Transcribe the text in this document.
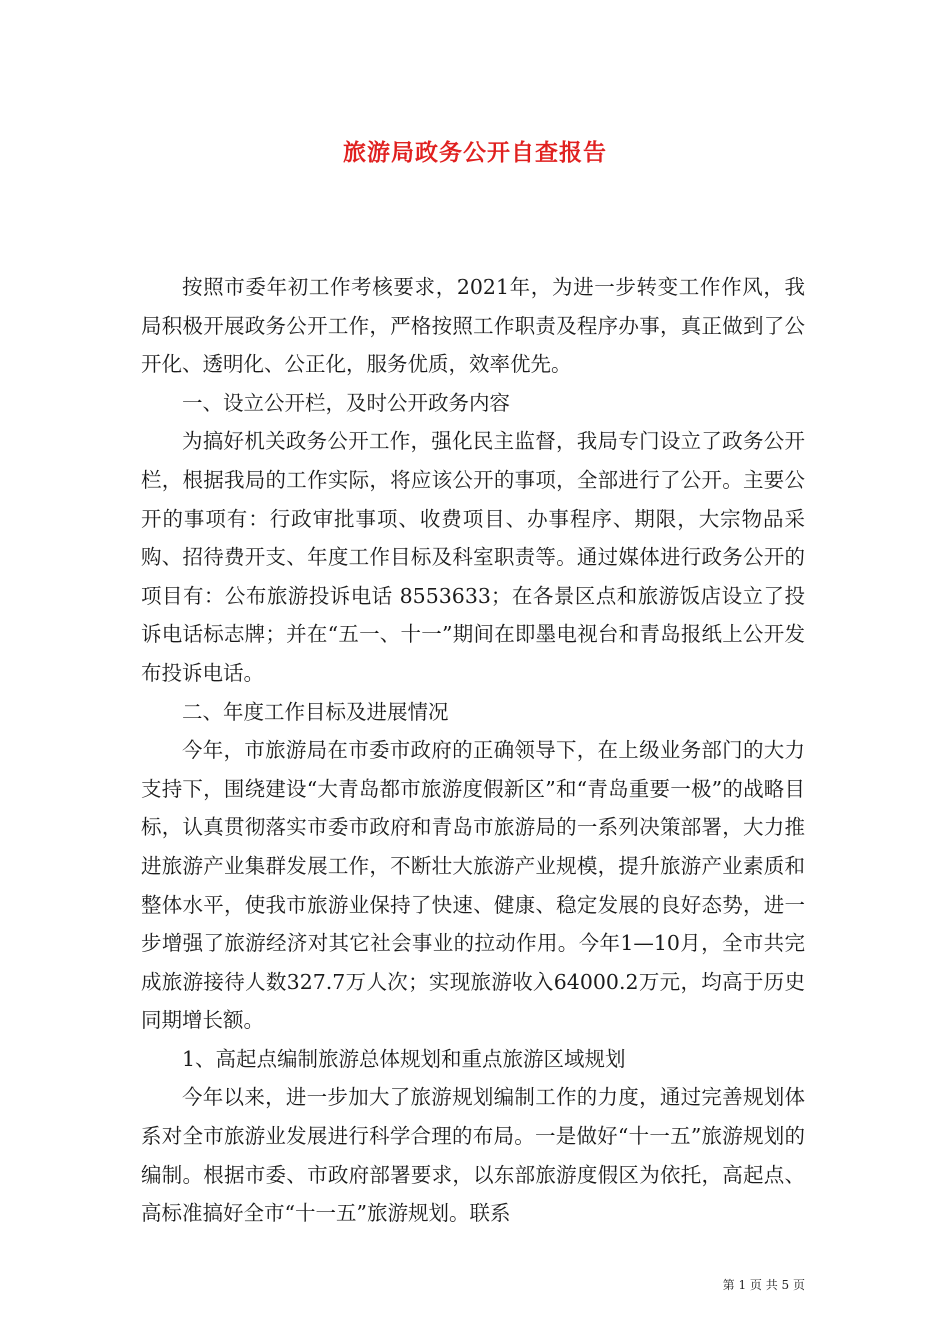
旅游局政务公开自查报告

按照市委年初工作考核要求，2021年，为进一步转变工作作风，我局积极开展政务公开工作，严格按照工作职责及程序办事，真正做到了公开化、透明化、公正化，服务优质，效率优先。

一、设立公开栏，及时公开政务内容

为搞好机关政务公开工作，强化民主监督，我局专门设立了政务公开栏，根据我局的工作实际，将应该公开的事项，全部进行了公开。主要公开的事项有：行政审批事项、收费项目、办事程序、期限，大宗物品采购、招待费开支、年度工作目标及科室职责等。通过媒体进行政务公开的项目有：公布旅游投诉电话 8553633；在各景区点和旅游饭店设立了投诉电话标志牌；并在“五一、十一”期间在即墨电视台和青岛报纸上公开发布投诉电话。

二、年度工作目标及进展情况

今年，市旅游局在市委市政府的正确领导下，在上级业务部门的大力支持下，围绕建设“大青岛都市旅游度假新区”和“青岛重要一极”的战略目标，认真贯彻落实市委市政府和青岛市旅游局的一系列决策部署，大力推进旅游产业集群发展工作，不断壮大旅游产业规模，提升旅游产业素质和整体水平，使我市旅游业保持了快速、健康、稳定发展的良好态势，进一步增强了旅游经济对其它社会事业的拉动作用。今年1—10月，全市共完成旅游接待人数327.7万人次；实现旅游收入64000.2万元，均高于历史同期增长额。

1、高起点编制旅游总体规划和重点旅游区域规划

今年以来，进一步加大了旅游规划编制工作的力度，通过完善规划体系对全市旅游业发展进行科学合理的布局。一是做好“十一五”旅游规划的编制。根据市委、市政府部署要求，以东部旅游度假区为依托，高起点、高标准搞好全市“十一五”旅游规划。联系

第 1 页 共 5 页
